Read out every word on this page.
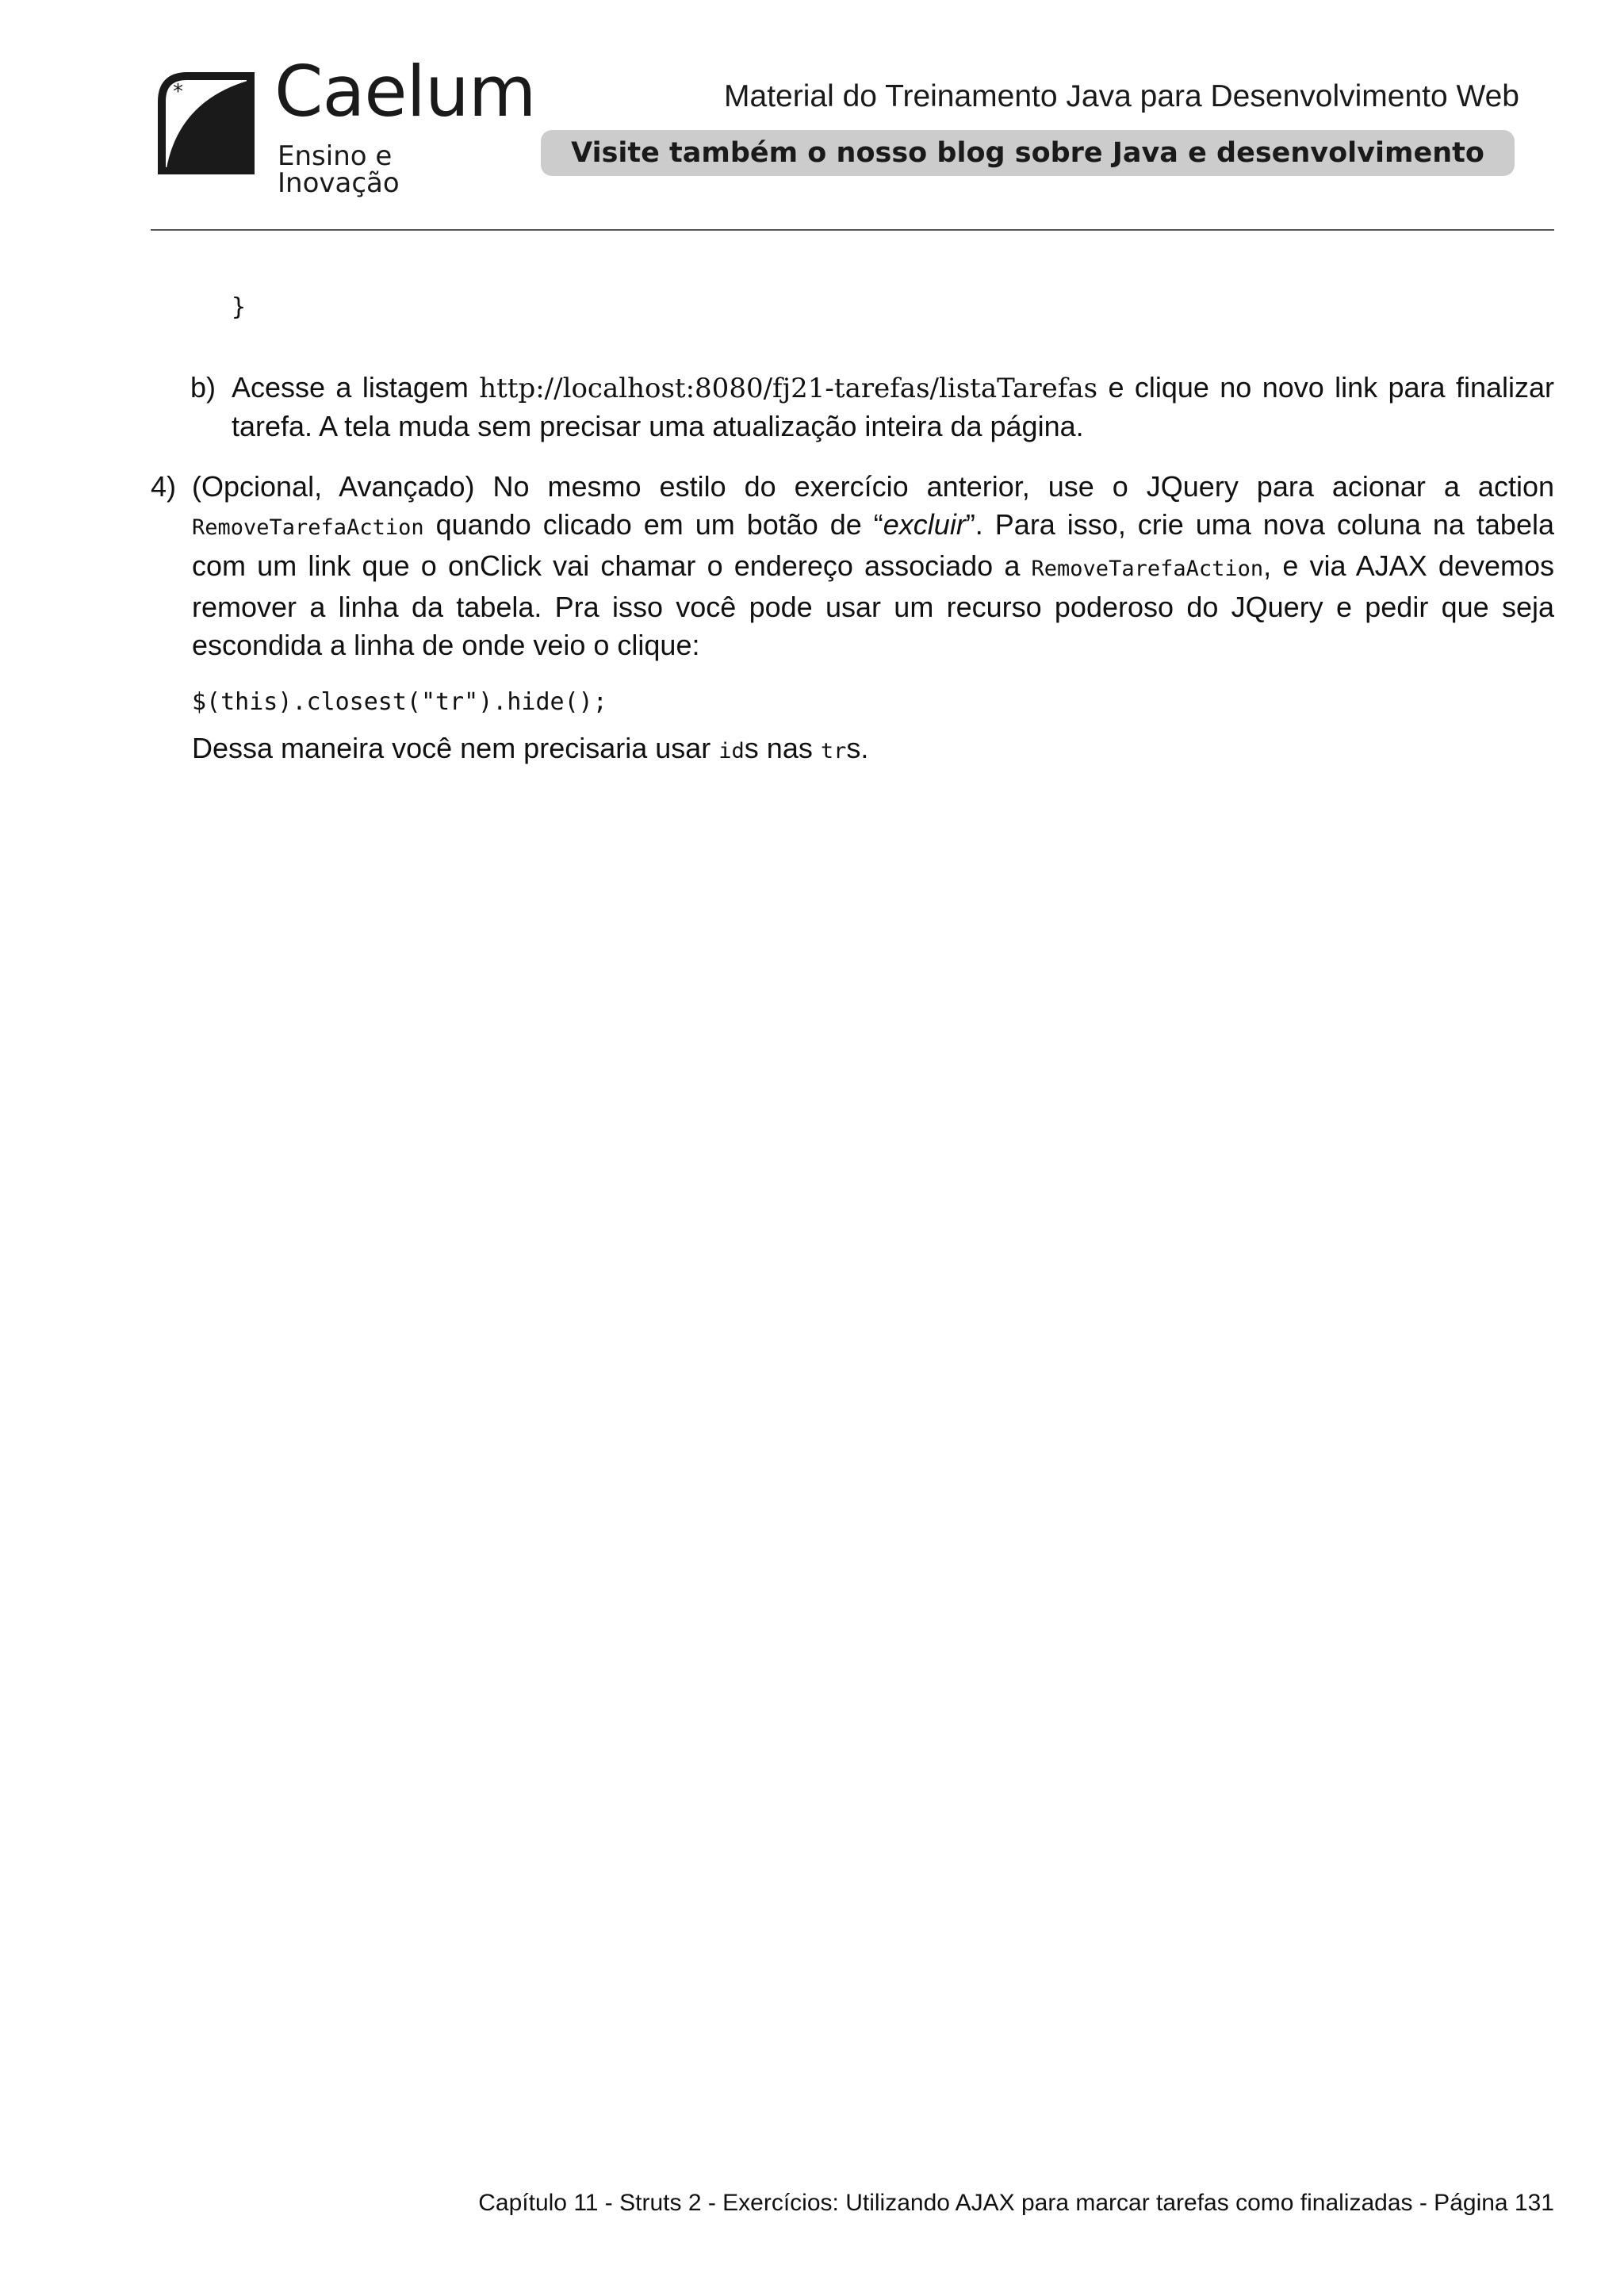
* Caelum
Ensino e Inovação
Material do Treinamento Java para Desenvolvimento Web
Visite também o nosso blog sobre Java e desenvolvimento
}
b) Acesse a listagem http://localhost:8080/fj21-tarefas/listaTarefas e clique no novo link para finalizar tarefa. A tela muda sem precisar uma atualização inteira da página.
4) (Opcional, Avançado) No mesmo estilo do exercício anterior, use o JQuery para acionar a action RemoveTarefaAction quando clicado em um botão de “excluir”. Para isso, crie uma nova coluna na tabela com um link que o onClick vai chamar o endereço associado a RemoveTarefaAction, e via AJAX devemos remover a linha da tabela. Pra isso você pode usar um recurso poderoso do JQuery e pedir que seja escondida a linha de onde veio o clique:
$(this).closest("tr").hide();
Dessa maneira você nem precisaria usar ids nas trs.
Capítulo 11 - Struts 2 - Exercícios: Utilizando AJAX para marcar tarefas como finalizadas - Página 131
